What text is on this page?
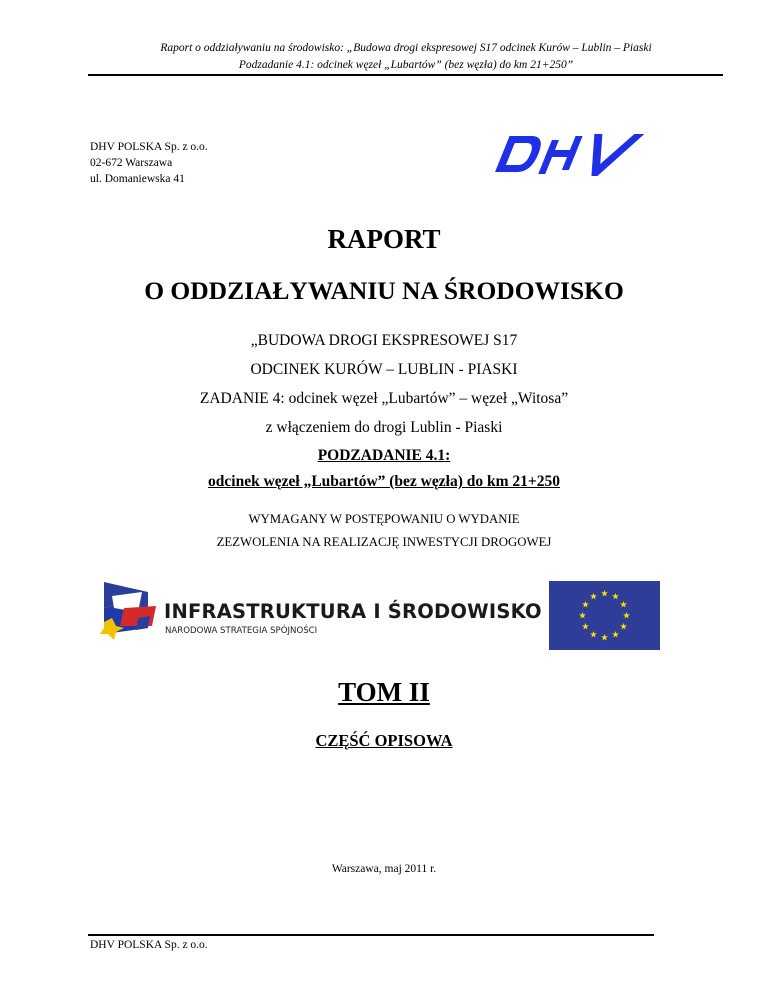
Raport o oddziaływaniu na środowisko: „Budowa drogi ekspresowej S17 odcinek Kurów – Lublin – Piaski
Podzadanie 4.1: odcinek węzeł „Lubartów” (bez węzła) do km 21+250”
DHV POLSKA Sp. z o.o.
02-672 Warszawa
ul. Domaniewska 41
DHV
RAPORT
O ODDZIAŁYWANIU NA ŚRODOWISKO
„BUDOWA DROGI EKSPRESOWEJ S17
ODCINEK KURÓW – LUBLIN - PIASKI
ZADANIE 4: odcinek węzeł „Lubartów” – węzeł „Witosa”
z włączeniem do drogi Lublin - Piaski
PODZADANIE 4.1:
odcinek węzeł „Lubartów” (bez węzła) do km 21+250
WYMAGANY W POSTĘPOWANIU O WYDANIE
ZEZWOLENIA NA REALIZACJĘ INWESTYCJI DROGOWEJ
INFRASTRUKTURA I ŚRODOWISKO
NARODOWA STRATEGIA SPÓJNOŚCI
TOM II
CZĘŚĆ OPISOWA
Warszawa, maj 2011 r.
DHV POLSKA Sp. z o.o.
